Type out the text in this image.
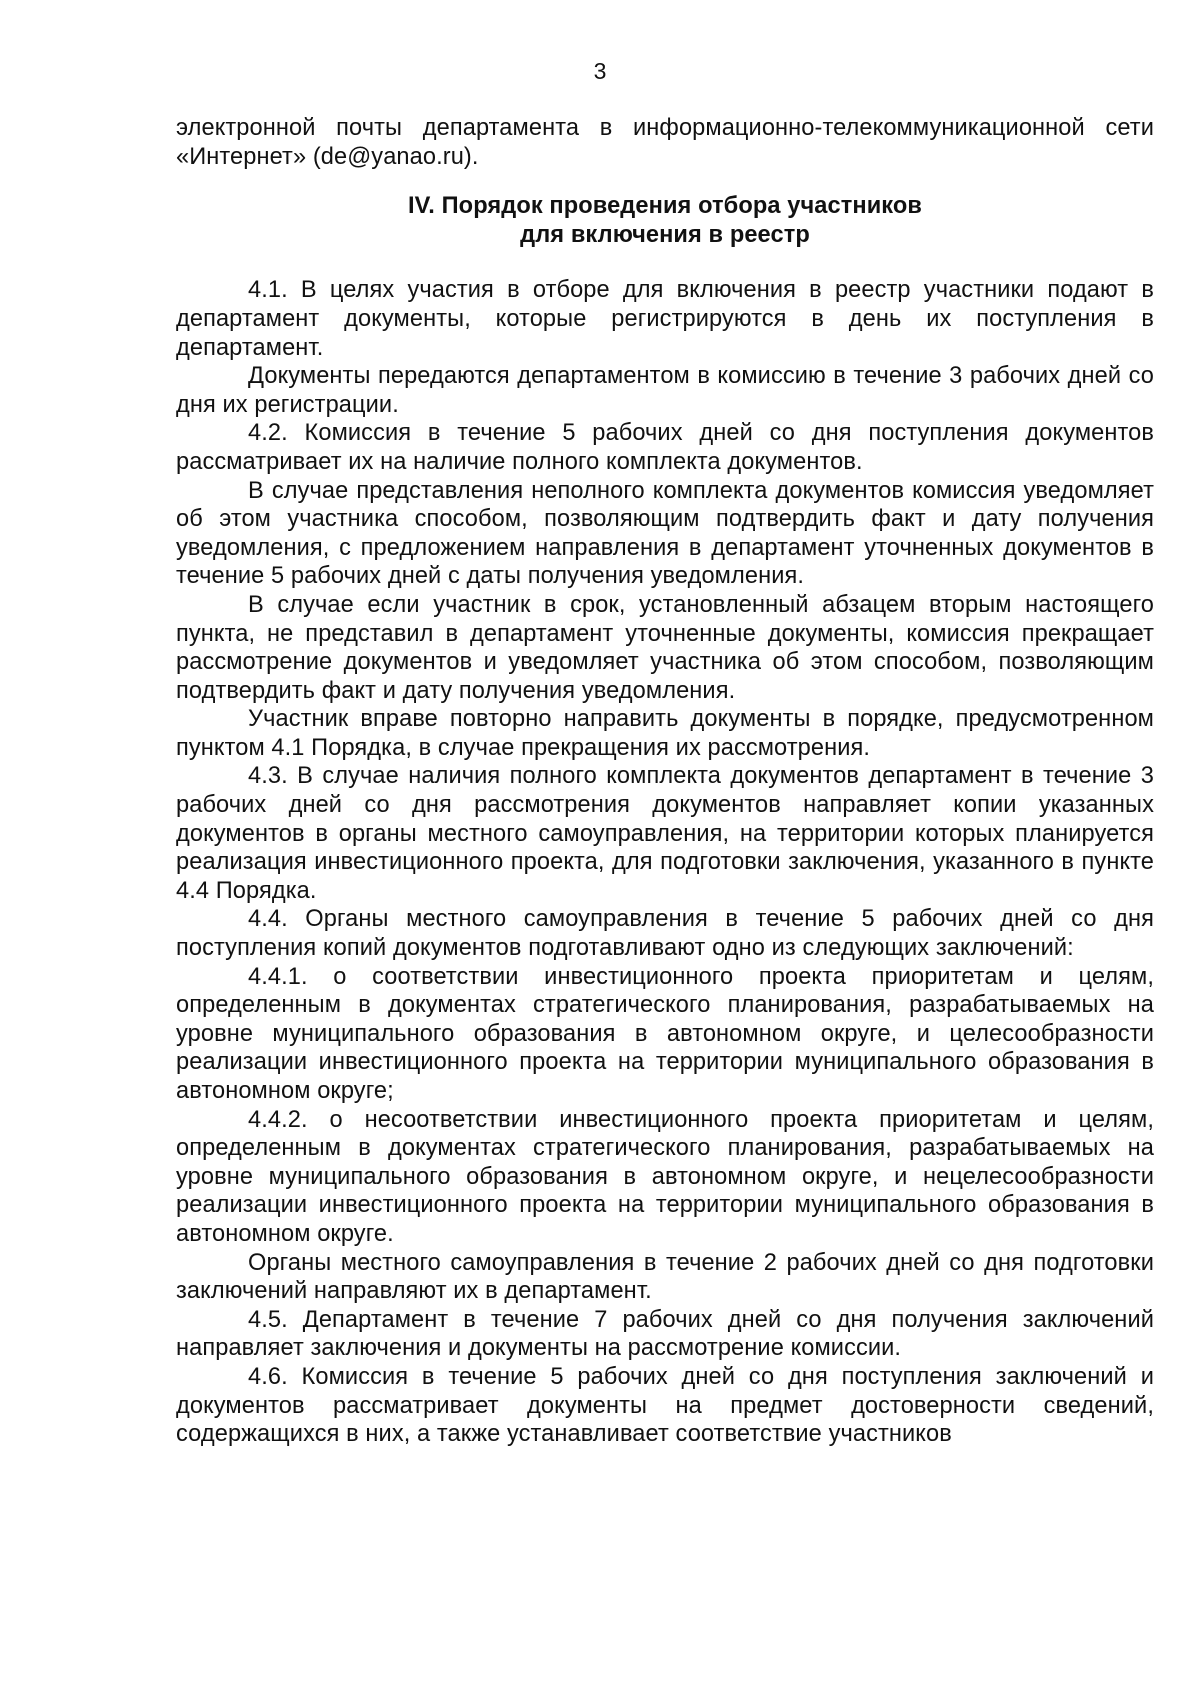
3

электронной почты департамента в информационно-телекоммуникационной сети «Интернет» (de@yanao.ru).

IV. Порядок проведения отбора участников
для включения в реестр

4.1. В целях участия в отборе для включения в реестр участники подают в департамент документы, которые регистрируются в день их поступления в департамент.

Документы передаются департаментом в комиссию в течение 3 рабочих дней со дня их регистрации.

4.2. Комиссия в течение 5 рабочих дней со дня поступления документов рассматривает их на наличие полного комплекта документов.

В случае представления неполного комплекта документов комиссия уведомляет об этом участника способом, позволяющим подтвердить факт и дату получения уведомления, с предложением направления в департамент уточненных документов в течение 5 рабочих дней с даты получения уведомления.

В случае если участник в срок, установленный абзацем вторым настоящего пункта, не представил в департамент уточненные документы, комиссия прекращает рассмотрение документов и уведомляет участника об этом способом, позволяющим подтвердить факт и дату получения уведомления.

Участник вправе повторно направить документы в порядке, предусмотренном пунктом 4.1 Порядка, в случае прекращения их рассмотрения.

4.3. В случае наличия полного комплекта документов департамент в течение 3 рабочих дней со дня рассмотрения документов направляет копии указанных документов в органы местного самоуправления, на территории которых планируется реализация инвестиционного проекта, для подготовки заключения, указанного в пункте 4.4 Порядка.

4.4. Органы местного самоуправления в течение 5 рабочих дней со дня поступления копий документов подготавливают одно из следующих заключений:

4.4.1. о соответствии инвестиционного проекта приоритетам и целям, определенным в документах стратегического планирования, разрабатываемых на уровне муниципального образования в автономном округе, и целесообразности реализации инвестиционного проекта на территории муниципального образования в автономном округе;

4.4.2. о несоответствии инвестиционного проекта приоритетам и целям, определенным в документах стратегического планирования, разрабатываемых на уровне муниципального образования в автономном округе, и нецелесообразности реализации инвестиционного проекта на территории муниципального образования в автономном округе.

Органы местного самоуправления в течение 2 рабочих дней со дня подготовки заключений направляют их в департамент.

4.5. Департамент в течение 7 рабочих дней со дня получения заключений направляет заключения и документы на рассмотрение комиссии.

4.6. Комиссия в течение 5 рабочих дней со дня поступления заключений и документов рассматривает документы на предмет достоверности сведений, содержащихся в них, а также устанавливает соответствие участников
